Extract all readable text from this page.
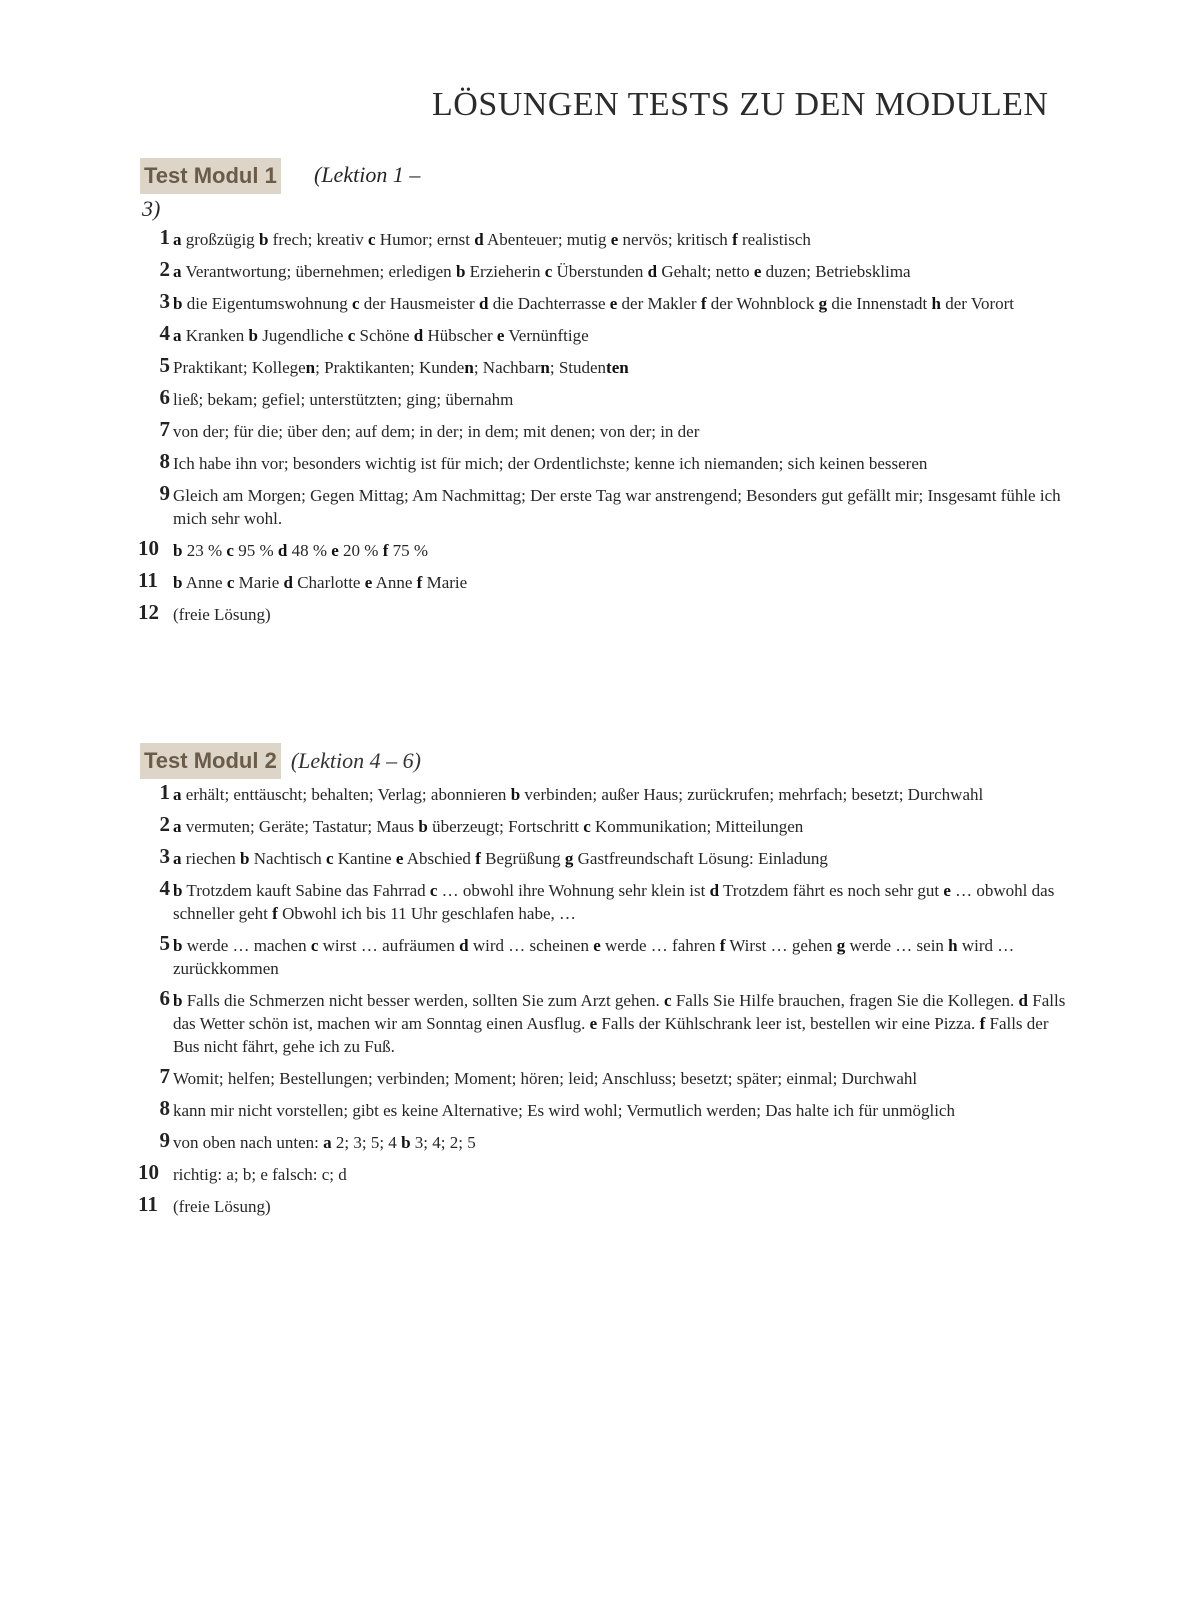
LÖSUNGEN TESTS ZU DEN MODULEN
Test Modul 1 (Lektion 1 –
3)
1 a großzügig b frech; kreativ c Humor; ernst d Abenteuer; mutig e nervös; kritisch f realistisch
2 a Verantwortung; übernehmen; erledigen b Erzieherin c Überstunden d Gehalt; netto e duzen; Betriebsklima
3 b die Eigentumswohnung c der Hausmeister d die Dachterrasse e der Makler f der Wohnblock g die Innenstadt h der Vorort
4 a Kranken b Jugendliche c Schöne d Hübscher e Vernünftige
5 Praktikant; Kollegen; Praktikanten; Kunden; Nachbarn; Studenten
6 ließ; bekam; gefiel; unterstützten; ging; übernahm
7 von der; für die; über den; auf dem; in der; in dem; mit denen; von der; in der
8 Ich habe ihn vor; besonders wichtig ist für mich; der Ordentlichste; kenne ich niemanden; sich keinen besseren
9 Gleich am Morgen; Gegen Mittag; Am Nachmittag; Der erste Tag war anstrengend; Besonders gut gefällt mir; Insgesamt fühle ich mich sehr wohl.
10 b 23 % c 95 % d 48 % e 20 % f 75 %
11 b Anne c Marie d Charlotte e Anne f Marie
12 (freie Lösung)
Test Modul 2 (Lektion 4 – 6)
1 a erhält; enttäuscht; behalten; Verlag; abonnieren b verbinden; außer Haus; zurückrufen; mehrfach; besetzt; Durchwahl
2 a vermuten; Geräte; Tastatur; Maus b überzeugt; Fortschritt c Kommunikation; Mitteilungen
3 a riechen b Nachtisch c Kantine e Abschied f Begrüßung g Gastfreundschaft Lösung: Einladung
4 b Trotzdem kauft Sabine das Fahrrad c … obwohl ihre Wohnung sehr klein ist d Trotzdem fährt es noch sehr gut e … obwohl das schneller geht f Obwohl ich bis 11 Uhr geschlafen habe, …
5 b werde … machen c wirst … aufräumen d wird … scheinen e werde … fahren f Wirst … gehen g werde … sein h wird … zurückkommen
6 b Falls die Schmerzen nicht besser werden, sollten Sie zum Arzt gehen. c Falls Sie Hilfe brauchen, fragen Sie die Kollegen. d Falls das Wetter schön ist, machen wir am Sonntag einen Ausflug. e Falls der Kühlschrank leer ist, bestellen wir eine Pizza. f Falls der Bus nicht fährt, gehe ich zu Fuß.
7 Womit; helfen; Bestellungen; verbinden; Moment; hören; leid; Anschluss; besetzt; später; einmal; Durchwahl
8 kann mir nicht vorstellen; gibt es keine Alternative; Es wird wohl; Vermutlich werden; Das halte ich für unmöglich
9 von oben nach unten: a 2; 3; 5; 4 b 3; 4; 2; 5
10 richtig: a; b; e falsch: c; d
11 (freie Lösung)
